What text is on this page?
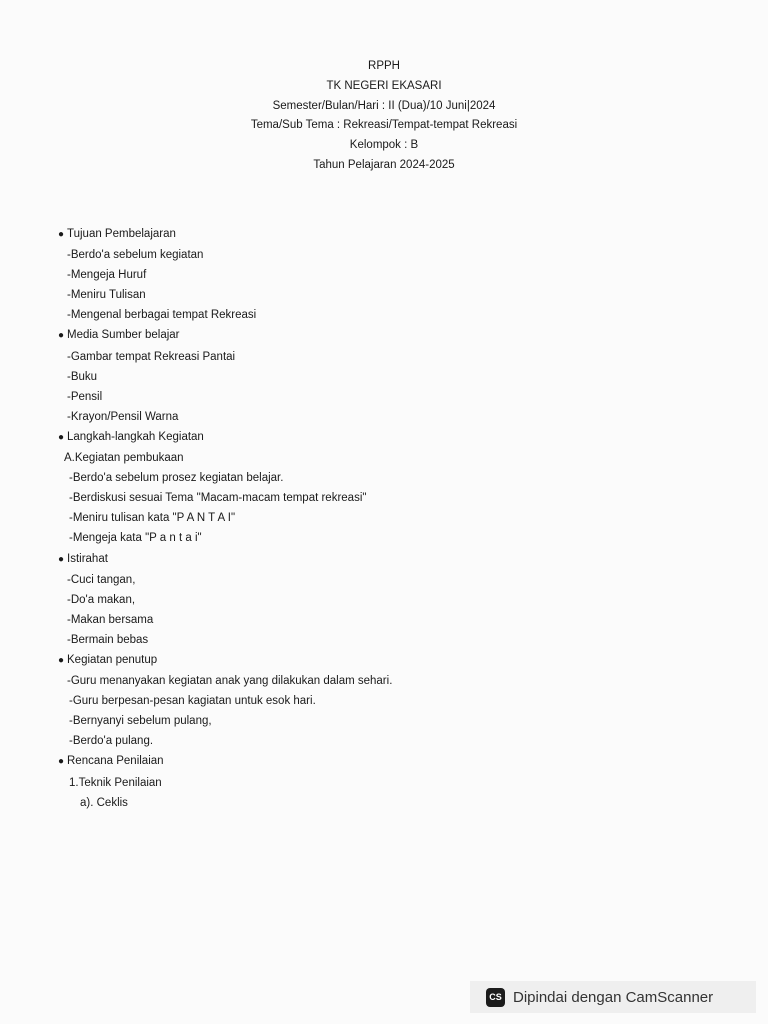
RPPH
TK NEGERI EKASARI
Semester/Bulan/Hari : II (Dua)/10 Juni|2024
Tema/Sub Tema : Rekreasi/Tempat-tempat Rekreasi
Kelompok : B
Tahun Pelajaran 2024-2025
●Tujuan Pembelajaran
-Berdo'a sebelum kegiatan
-Mengeja Huruf
-Meniru Tulisan
-Mengenal berbagai tempat Rekreasi
●Media Sumber belajar
-Gambar tempat Rekreasi Pantai
-Buku
-Pensil
-Krayon/Pensil Warna
●Langkah-langkah Kegiatan
A.Kegiatan pembukaan
-Berdo'a sebelum prosez kegiatan belajar.
-Berdiskusi sesuai Tema "Macam-macam tempat rekreasi"
-Meniru tulisan kata "P A N T A I"
-Mengeja kata "P a n t a i"
●Istirahat
-Cuci tangan,
-Do'a makan,
-Makan bersama
-Bermain bebas
●Kegiatan penutup
-Guru menanyakan kegiatan anak yang dilakukan dalam sehari.
-Guru berpesan-pesan kagiatan untuk esok hari.
-Bernyanyi sebelum pulang,
-Berdo'a pulang.
●Rencana Penilaian
1.Teknik Penilaian
a). Ceklis
CS Dipindai dengan CamScanner
